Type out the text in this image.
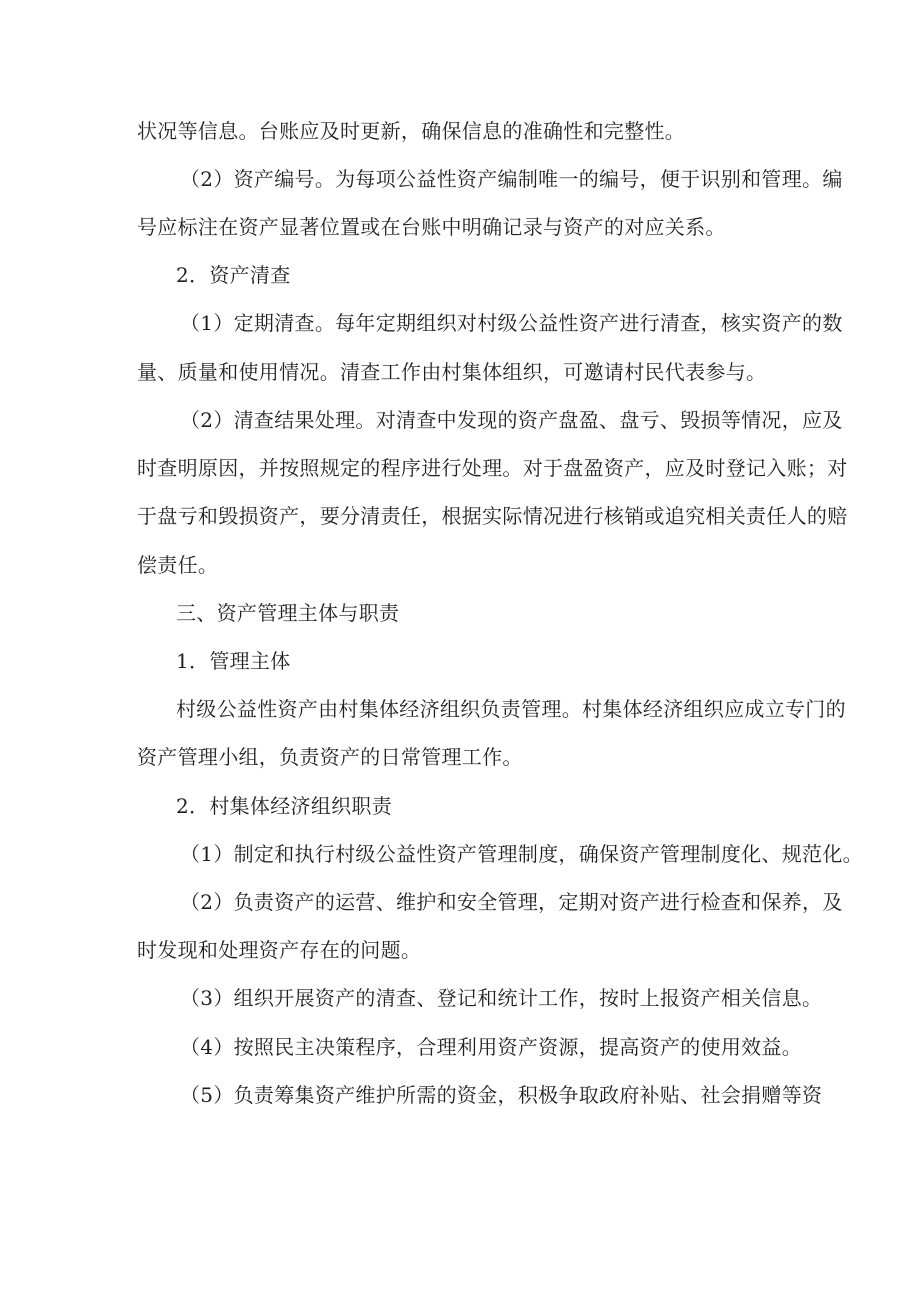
状况等信息。台账应及时更新，确保信息的准确性和完整性。
（2）资产编号。为每项公益性资产编制唯一的编号，便于识别和管理。编
号应标注在资产显著位置或在台账中明确记录与资产的对应关系。
2．资产清查
（1）定期清查。每年定期组织对村级公益性资产进行清查，核实资产的数
量、质量和使用情况。清查工作由村集体组织，可邀请村民代表参与。
（2）清查结果处理。对清查中发现的资产盘盈、盘亏、毁损等情况，应及
时查明原因，并按照规定的程序进行处理。对于盘盈资产，应及时登记入账；对
于盘亏和毁损资产，要分清责任，根据实际情况进行核销或追究相关责任人的赔
偿责任。
三、资产管理主体与职责
1．管理主体
村级公益性资产由村集体经济组织负责管理。村集体经济组织应成立专门的
资产管理小组，负责资产的日常管理工作。
2．村集体经济组织职责
（1）制定和执行村级公益性资产管理制度，确保资产管理制度化、规范化。
（2）负责资产的运营、维护和安全管理，定期对资产进行检查和保养，及
时发现和处理资产存在的问题。
（3）组织开展资产的清查、登记和统计工作，按时上报资产相关信息。
（4）按照民主决策程序，合理利用资产资源，提高资产的使用效益。
（5）负责筹集资产维护所需的资金，积极争取政府补贴、社会捐赠等资
